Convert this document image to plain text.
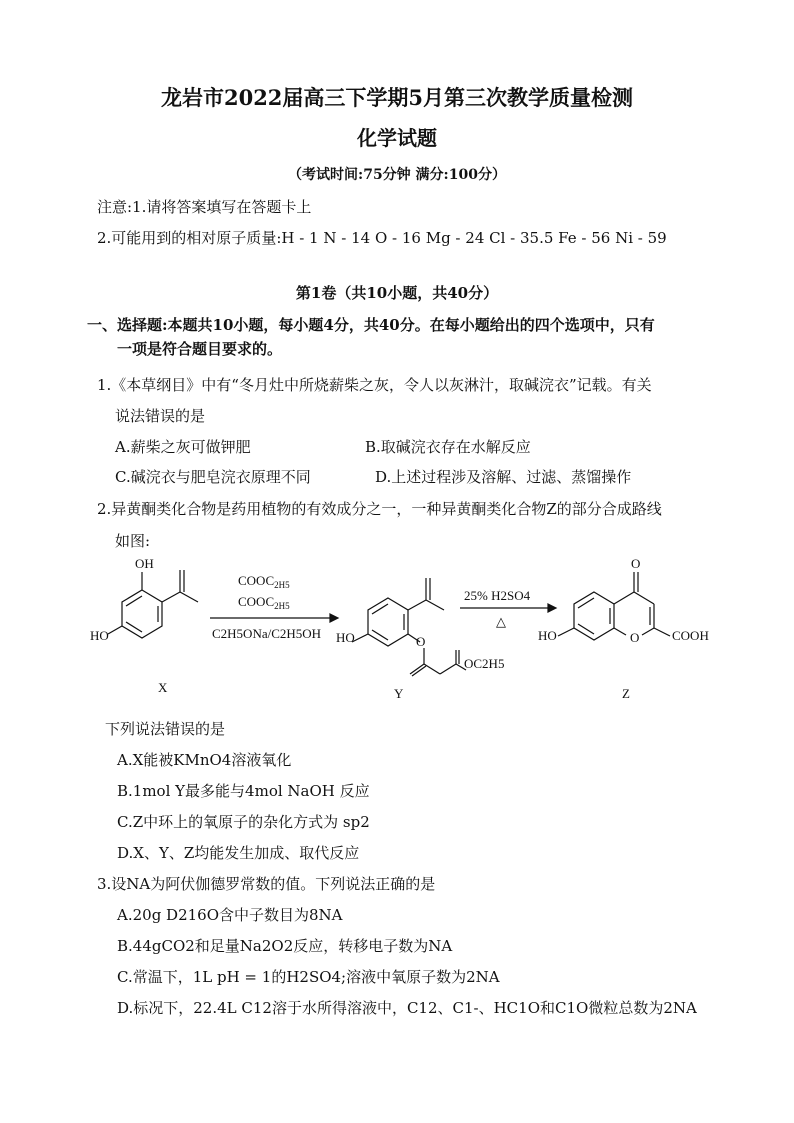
龙岩市2022届高三下学期5月第三次教学质量检测
化学试题
（考试时间:75分钟 满分:100分）
注意:1.请将答案填写在答题卡上
2.可能用到的相对原子质量:H - 1 N - 14 O - 16 Mg - 24 Cl - 35.5 Fe - 56 Ni - 59
第1卷（共10小题，共40分）
一、选择题:本题共10小题，每小题4分，共40分。在每小题给出的四个选项中，只有
一项是符合题目要求的。
1.《本草纲目》中有“冬月灶中所烧薪柴之灰，令人以灰淋汁，取碱浣衣”记载。有关
说法错误的是
A.薪柴之灰可做钾肥	B.取碱浣衣存在水解反应
C.碱浣衣与肥皂浣衣原理不同	D.上述过程涉及溶解、过滤、蒸馏操作
2.异黄酮类化合物是药用植物的有效成分之一，一种异黄酮类化合物Z的部分合成路线
如图:
OH
HO
$COOC_{2H5}$
$COOC_{2H5}$
C2H5ONa/C2H5OH HO	O
OC2H5
25% H2SO4
△
O
O	COOH
HO
X	Y	Z
下列说法错误的是
A.X能被KMnO4溶液氧化
B.1mol Y最多能与4mol NaOH 反应
C.Z中环上的氧原子的杂化方式为 sp2
D.X、Y、Z均能发生加成、取代反应
3.设NA为阿伏伽德罗常数的值。下列说法正确的是
A.20g D216O含中子数目为8NA
B.44gCO2和足量Na2O2反应，转移电子数为NA
C.常温下，1L pH = 1的H2SO4;溶液中氧原子数为2NA
D.标况下，22.4L C12溶于水所得溶液中，C12、C1-、HC1O和C1O微粒总数为2NA
